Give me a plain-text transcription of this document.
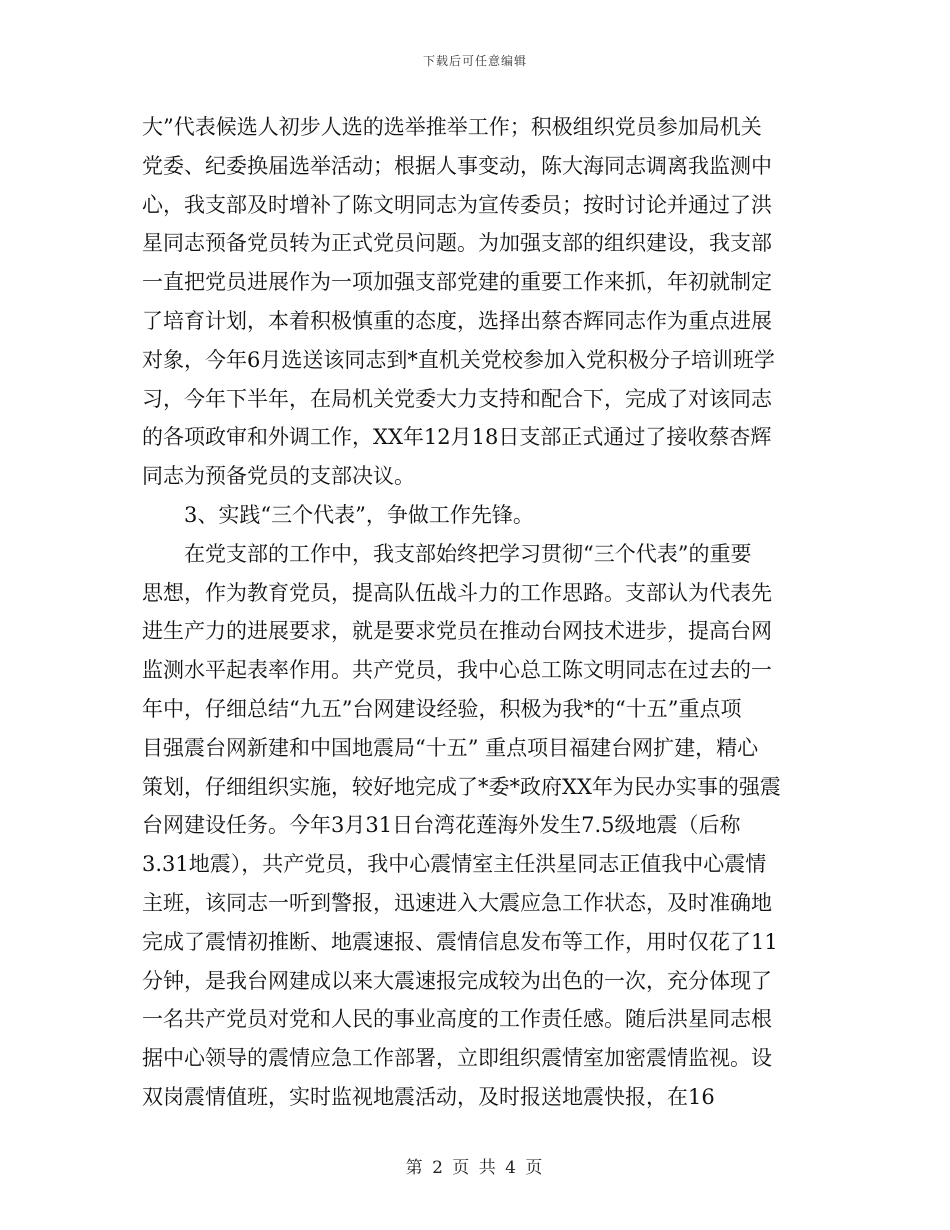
下载后可任意编辑
大”代表候选人初步人选的选举推举工作；积极组织党员参加局机关
党委、纪委换届选举活动；根据人事变动，陈大海同志调离我监测中
心，我支部及时增补了陈文明同志为宣传委员；按时讨论并通过了洪
星同志预备党员转为正式党员问题。为加强支部的组织建设，我支部
一直把党员进展作为一项加强支部党建的重要工作来抓，年初就制定
了培育计划，本着积极慎重的态度，选择出蔡杏辉同志作为重点进展
对象，今年6月选送该同志到*直机关党校参加入党积极分子培训班学
习，今年下半年，在局机关党委大力支持和配合下，完成了对该同志
的各项政审和外调工作，XX年12月18日支部正式通过了接收蔡杏辉
同志为预备党员的支部决议。
3、实践“三个代表”，争做工作先锋。
在党支部的工作中，我支部始终把学习贯彻“三个代表”的重要
思想，作为教育党员，提高队伍战斗力的工作思路。支部认为代表先
进生产力的进展要求，就是要求党员在推动台网技术进步，提高台网
监测水平起表率作用。共产党员，我中心总工陈文明同志在过去的一
年中，仔细总结“九五”台网建设经验，积极为我*的“十五”重点项
目强震台网新建和中国地震局“十五” 重点项目福建台网扩建，精心
策划，仔细组织实施，较好地完成了*委*政府XX年为民办实事的强震
台网建设任务。今年3月31日台湾花莲海外发生7.5级地震（后称
3.31地震），共产党员，我中心震情室主任洪星同志正值我中心震情
主班，该同志一听到警报，迅速进入大震应急工作状态，及时准确地
完成了震情初推断、地震速报、震情信息发布等工作，用时仅花了11
分钟，是我台网建成以来大震速报完成较为出色的一次，充分体现了
一名共产党员对党和人民的事业高度的工作责任感。随后洪星同志根
据中心领导的震情应急工作部署，立即组织震情室加密震情监视。设
双岗震情值班，实时监视地震活动，及时报送地震快报，在16
第 2 页 共 4 页
